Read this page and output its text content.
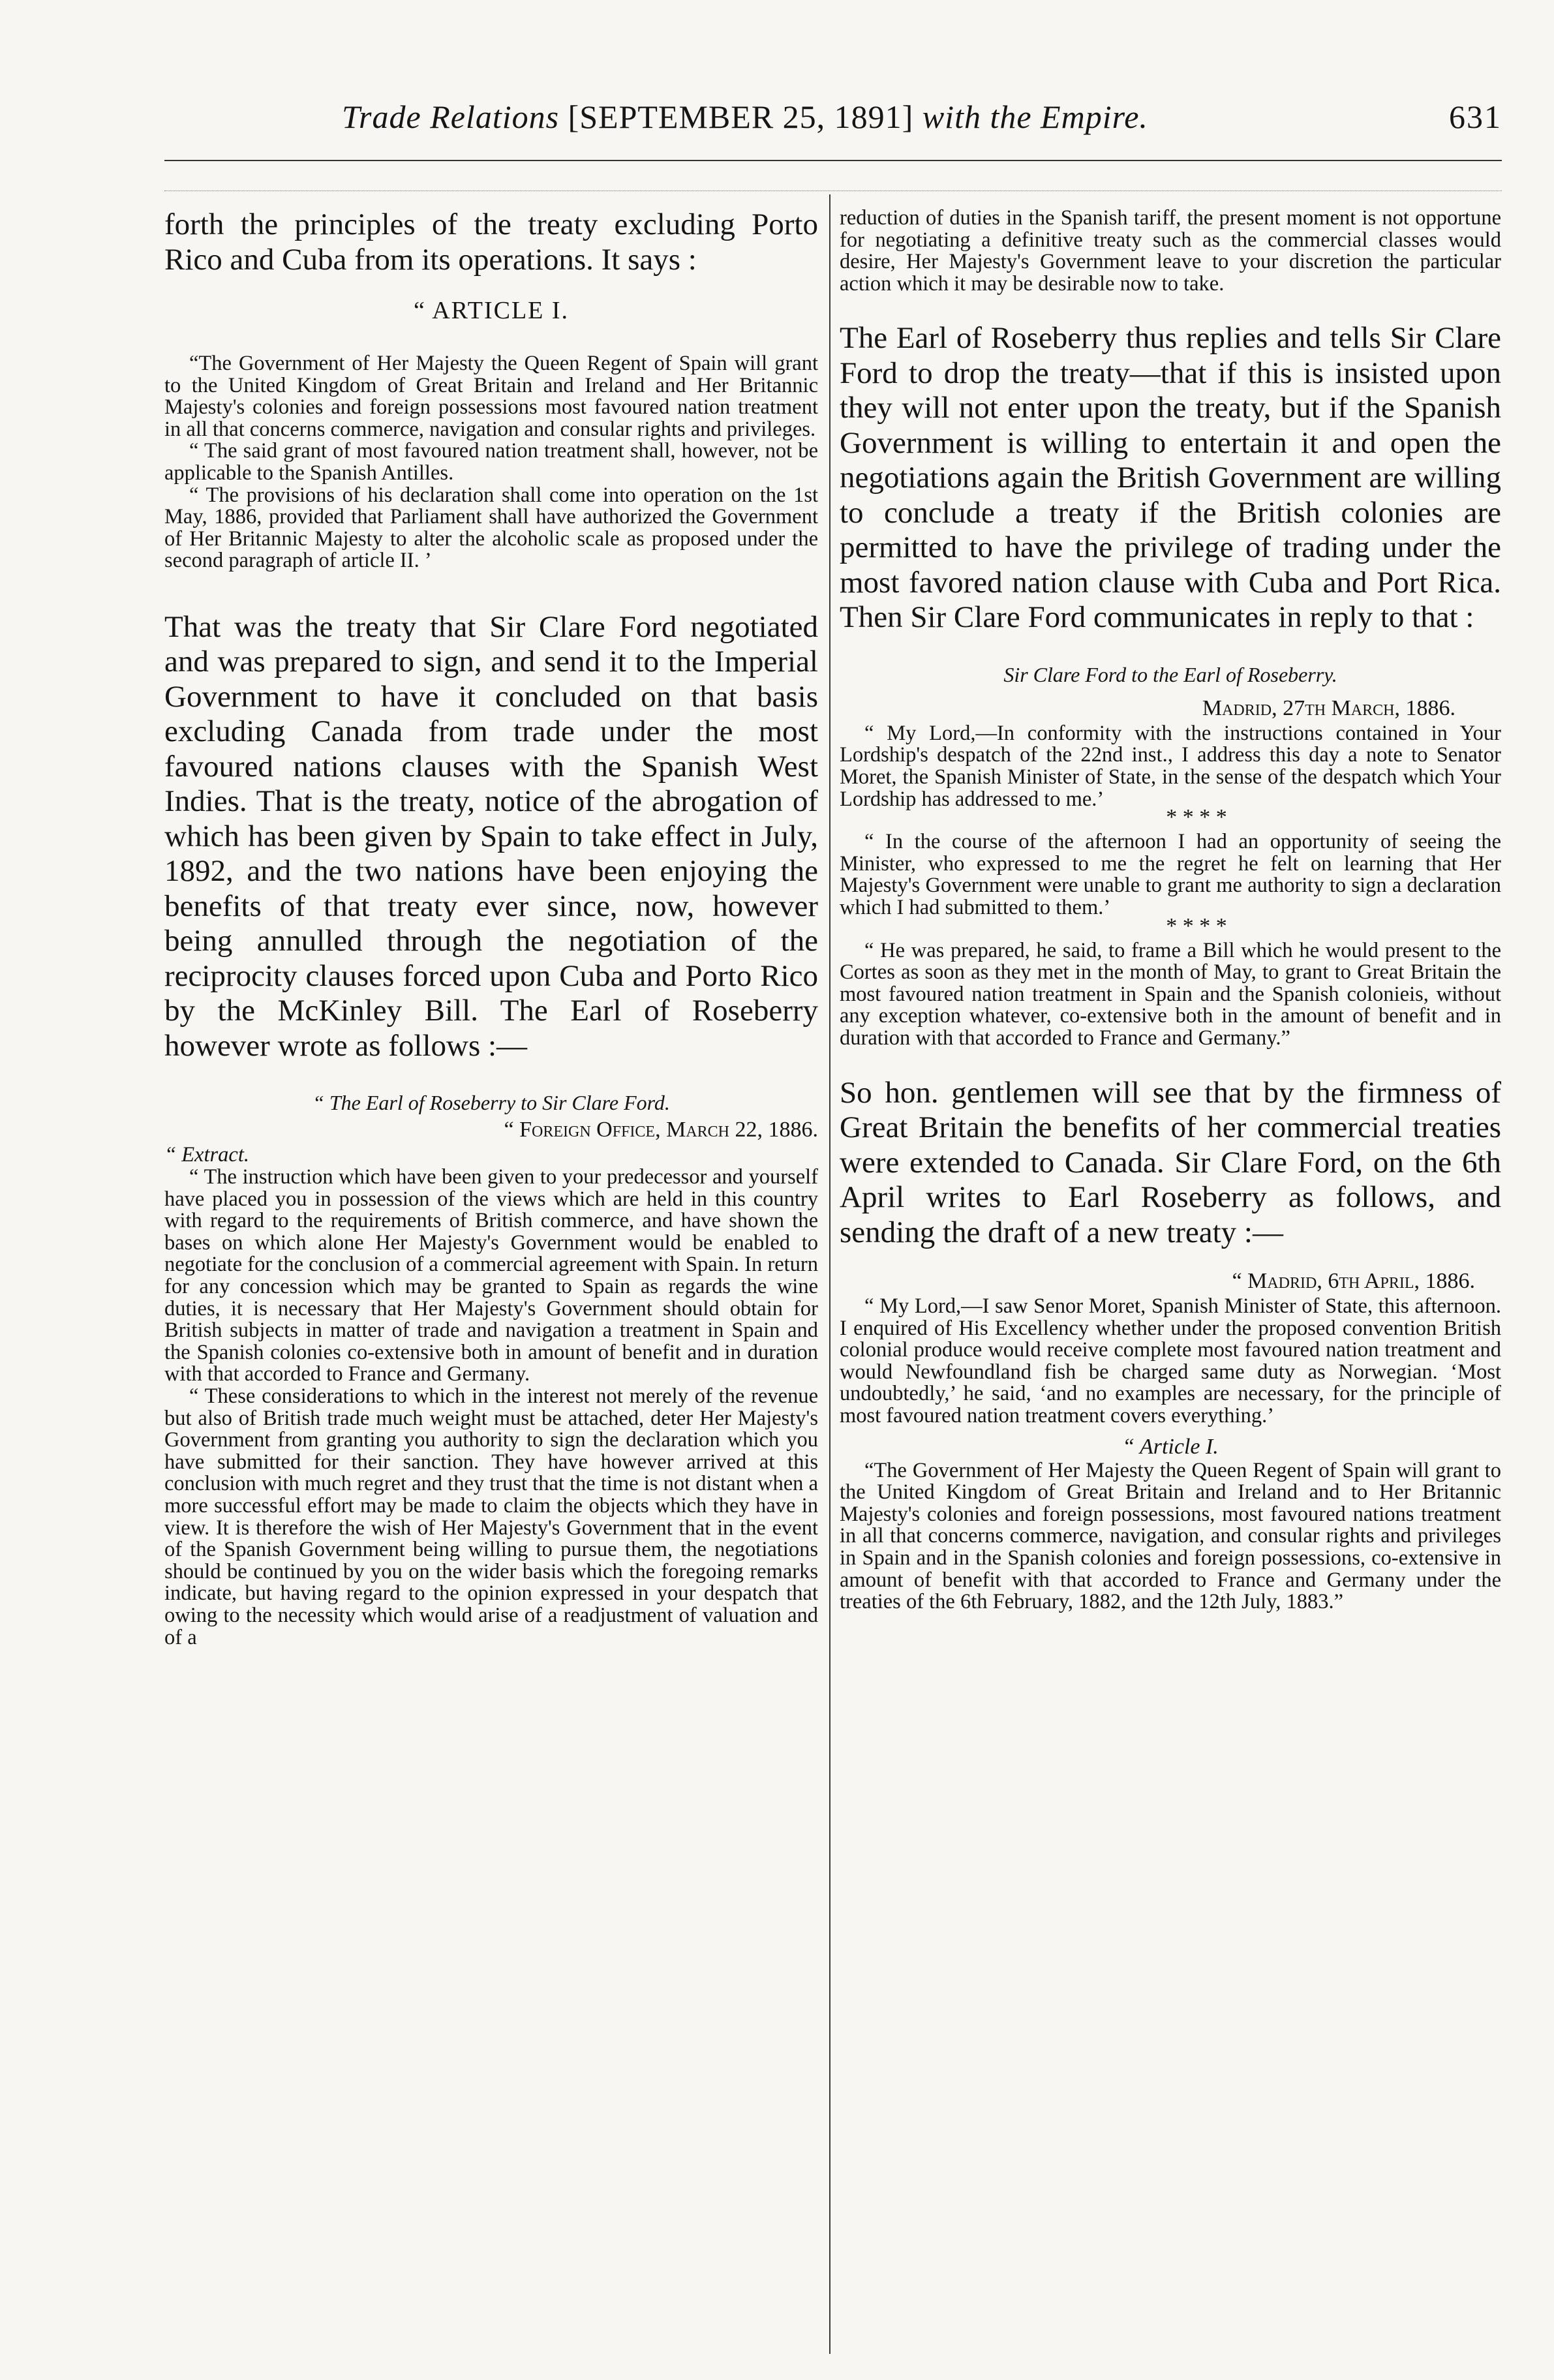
Trade Relations [SEPTEMBER 25, 1891] with the Empire.	631

forth the principles of the treaty excluding Porto Rico and Cuba from its operations. It says :

“ ARTICLE I.

“The Government of Her Majesty the Queen Regent of Spain will grant to the United Kingdom of Great Britain and Ireland and Her Britannic Majesty's colonies and foreign possessions most favoured nation treatment in all that concerns commerce, navigation and consular rights and privileges.

“ The said grant of most favoured nation treatment shall, however, not be applicable to the Spanish Antilles.

“ The provisions of his declaration shall come into operation on the 1st May, 1886, provided that Parliament shall have authorized the Government of Her Britannic Majesty to alter the alcoholic scale as proposed under the second paragraph of article II. ’

That was the treaty that Sir Clare Ford negotiated and was prepared to sign, and send it to the Imperial Government to have it concluded on that basis excluding Canada from trade under the most favoured nations clauses with the Spanish West Indies. That is the treaty, notice of the abrogation of which has been given by Spain to take effect in July, 1892, and the two nations have been enjoying the benefits of that treaty ever since, now, however being annulled through the negotiation of the reciprocity clauses forced upon Cuba and Porto Rico by the McKinley Bill. The Earl of Roseberry however wrote as follows :—

“ The Earl of Roseberry to Sir Clare Ford.

“ Foreign Office, March 22, 1886.

“ Extract.

“ The instruction which have been given to your predecessor and yourself have placed you in possession of the views which are held in this country with regard to the requirements of British commerce, and have shown the bases on which alone Her Majesty's Government would be enabled to negotiate for the conclusion of a commercial agreement with Spain. In return for any concession which may be granted to Spain as regards the wine duties, it is necessary that Her Majesty's Government should obtain for British subjects in matter of trade and navigation a treatment in Spain and the Spanish colonies co-extensive both in amount of benefit and in duration with that accorded to France and Germany.

“ These considerations to which in the interest not merely of the revenue but also of British trade much weight must be attached, deter Her Majesty's Government from granting you authority to sign the declaration which you have submitted for their sanction. They have however arrived at this conclusion with much regret and they trust that the time is not distant when a more successful effort may be made to claim the objects which they have in view. It is therefore the wish of Her Majesty's Government that in the event of the Spanish Government being willing to pursue them, the negotiations should be continued by you on the wider basis which the foregoing remarks indicate, but having regard to the opinion expressed in your despatch that owing to the necessity which would arise of a readjustment of valuation and of a

reduction of duties in the Spanish tariff, the present moment is not opportune for negotiating a definitive treaty such as the commercial classes would desire, Her Majesty's Government leave to your discretion the particular action which it may be desirable now to take.

The Earl of Roseberry thus replies and tells Sir Clare Ford to drop the treaty—that if this is insisted upon they will not enter upon the treaty, but if the Spanish Government is willing to entertain it and open the negotiations again the British Government are willing to conclude a treaty if the British colonies are permitted to have the privilege of trading under the most favored nation clause with Cuba and Port Rica. Then Sir Clare Ford communicates in reply to that :

Sir Clare Ford to the Earl of Roseberry.

Madrid, 27th March, 1886.

“ My Lord,—In conformity with the instructions contained in Your Lordship's despatch of the 22nd inst., I address this day a note to Senator Moret, the Spanish Minister of State, in the sense of the despatch which Your Lordship has addressed to me.’

* * * *

“ In the course of the afternoon I had an opportunity of seeing the Minister, who expressed to me the regret he felt on learning that Her Majesty's Government were unable to grant me authority to sign a declaration which I had submitted to them.’

* * * *

“ He was prepared, he said, to frame a Bill which he would present to the Cortes as soon as they met in the month of May, to grant to Great Britain the most favoured nation treatment in Spain and the Spanish colonieis, without any exception whatever, co-extensive both in the amount of benefit and in duration with that accorded to France and Germany.”

So hon. gentlemen will see that by the firmness of Great Britain the benefits of her commercial treaties were extended to Canada. Sir Clare Ford, on the 6th April writes to Earl Roseberry as follows, and sending the draft of a new treaty :—

“ Madrid, 6th April, 1886.

“ My Lord,—I saw Senor Moret, Spanish Minister of State, this afternoon. I enquired of His Excellency whether under the proposed convention British colonial produce would receive complete most favoured nation treatment and would Newfoundland fish be charged same duty as Norwegian. ‘Most undoubtedly,’ he said, ‘and no examples are necessary, for the principle of most favoured nation treatment covers everything.’

“ Article I.

“The Government of Her Majesty the Queen Regent of Spain will grant to the United Kingdom of Great Britain and Ireland and to Her Britannic Majesty's colonies and foreign possessions, most favoured nations treatment in all that concerns commerce, navigation, and consular rights and privileges in Spain and in the Spanish colonies and foreign possessions, co-extensive in amount of benefit with that accorded to France and Germany under the treaties of the 6th February, 1882, and the 12th July, 1883.”
